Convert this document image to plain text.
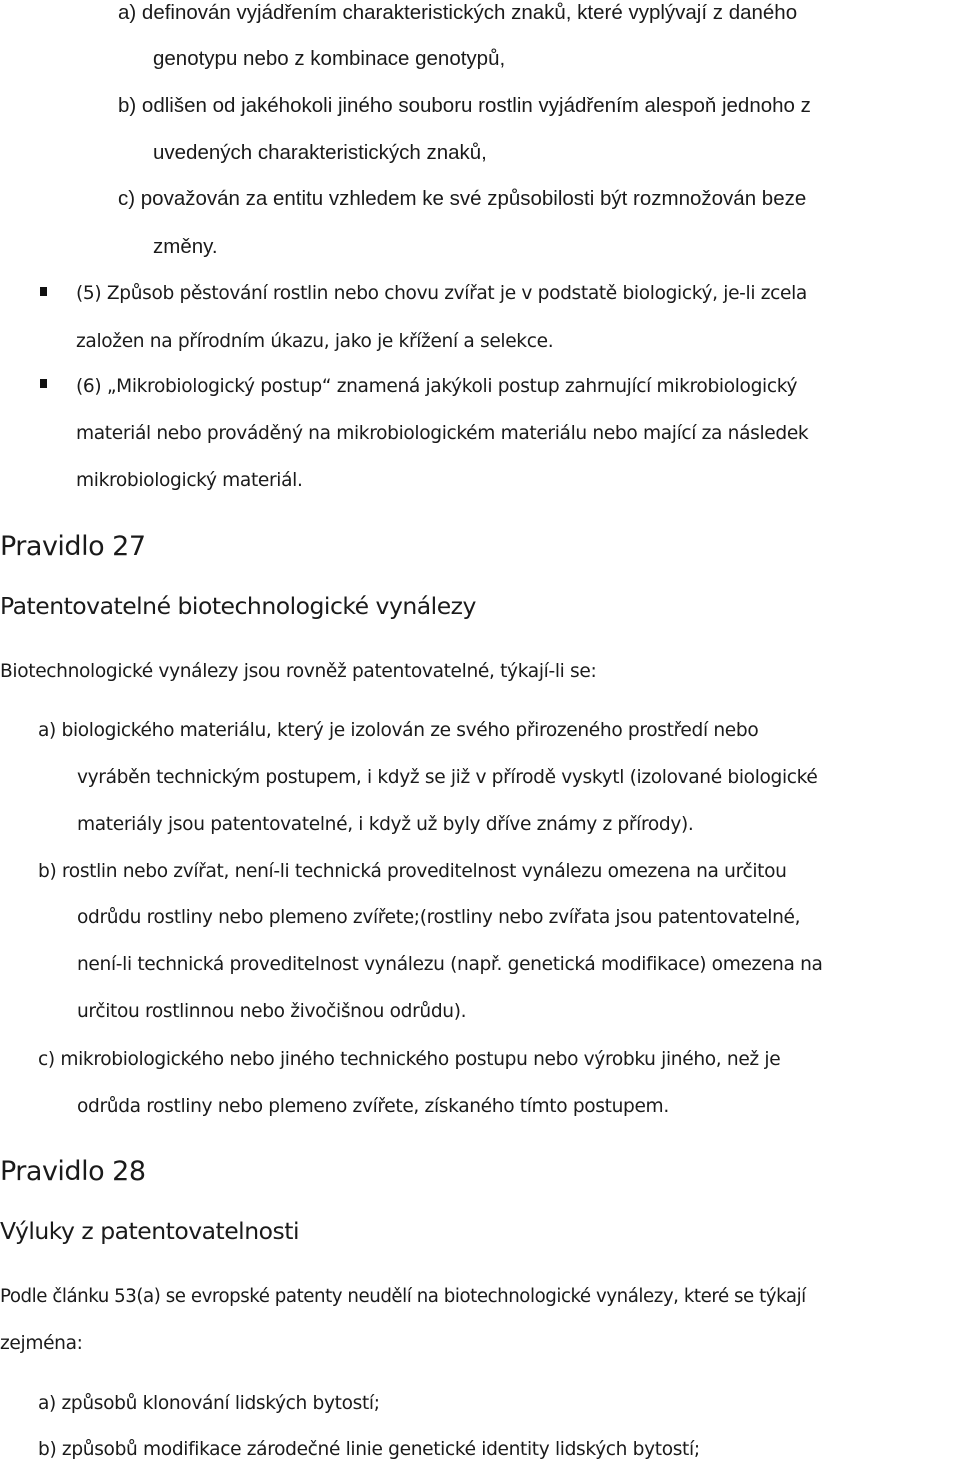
a) definován vyjádřením charakteristických znaků, které vyplývají z daného
genotypu nebo z kombinace genotypů,
b) odlišen od jakéhokoli jiného souboru rostlin vyjádřením alespoň jednoho z
uvedených charakteristických znaků,
c) považován za entitu vzhledem ke své způsobilosti být rozmnožován beze
změny.
(5) Způsob pěstování rostlin nebo chovu zvířat je v podstatě biologický, je-li zcela
založen na přírodním úkazu, jako je křížení a selekce.
(6) „Mikrobiologický postup“ znamená jakýkoli postup zahrnující mikrobiologický
materiál nebo prováděný na mikrobiologickém materiálu nebo mající za následek
mikrobiologický materiál.
Pravidlo 27
Patentovatelné biotechnologické vynálezy
Biotechnologické vynálezy jsou rovněž patentovatelné, týkají-li se:
a) biologického materiálu, který je izolován ze svého přirozeného prostředí nebo
vyráběn technickým postupem, i když se již v přírodě vyskytl (izolované biologické
materiály jsou patentovatelné, i když už byly dříve známy z přírody).
b) rostlin nebo zvířat, není-li technická proveditelnost vynálezu omezena na určitou
odrůdu rostliny nebo plemeno zvířete;(rostliny nebo zvířata jsou patentovatelné,
není-li technická proveditelnost vynálezu (např. genetická modifikace) omezena na
určitou rostlinnou nebo živočišnou odrůdu).
c) mikrobiologického nebo jiného technického postupu nebo výrobku jiného, než je
odrůda rostliny nebo plemeno zvířete, získaného tímto postupem.
Pravidlo 28
Výluky z patentovatelnosti
Podle článku 53(a) se evropské patenty neudělí na biotechnologické vynálezy, které se týkají
zejména:
a) způsobů klonování lidských bytostí;
b) způsobů modifikace zárodečné linie genetické identity lidských bytostí;
